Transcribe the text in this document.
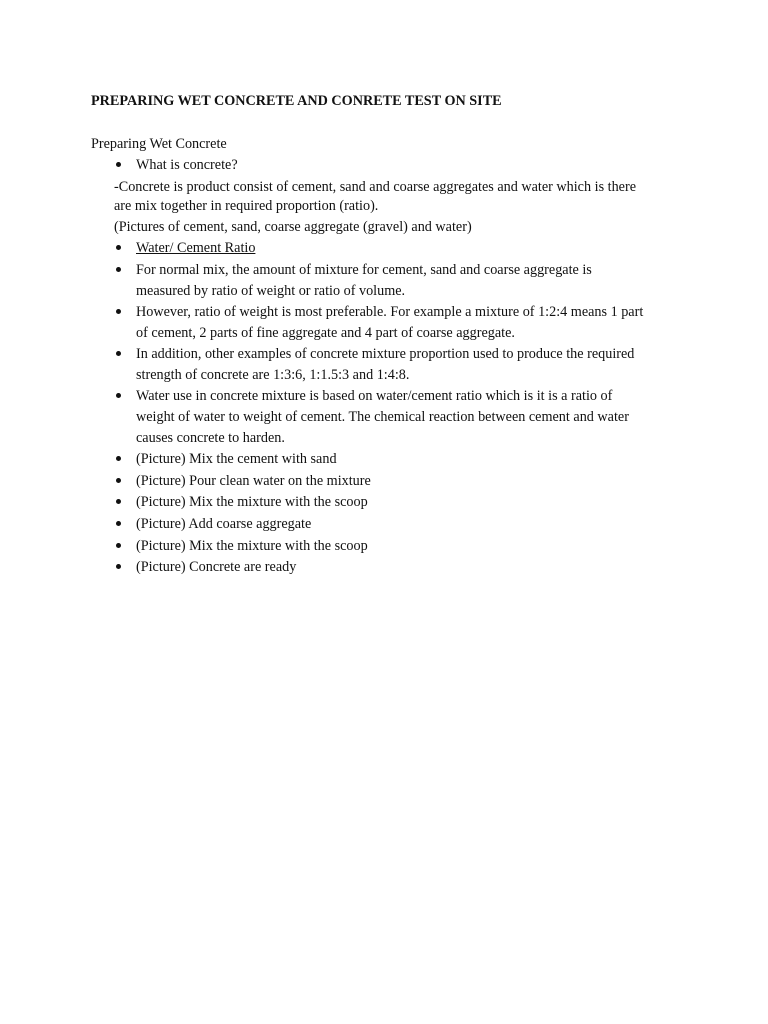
PREPARING WET CONCRETE AND CONRETE TEST ON SITE
Preparing Wet Concrete
What is concrete?
-Concrete is product consist of cement, sand and coarse aggregates and water which is there
are mix together in required proportion (ratio).
(Pictures of cement, sand, coarse aggregate (gravel) and water)
Water/ Cement Ratio
For normal mix, the amount of mixture for cement, sand and coarse aggregate is
measured by ratio of weight or ratio of volume.
However, ratio of weight is most preferable. For example a mixture of 1:2:4 means 1 part
of cement, 2 parts of fine aggregate and 4 part of coarse aggregate.
In addition, other examples of concrete mixture proportion used to produce the required
strength of concrete are 1:3:6, 1:1.5:3 and 1:4:8.
Water use in concrete mixture is based on water/cement ratio which is it is a ratio of
weight of water to weight of cement. The chemical reaction between cement and water
causes concrete to harden.
(Picture) Mix the cement with sand
(Picture) Pour clean water on the mixture
(Picture) Mix the mixture with the scoop
(Picture) Add coarse aggregate
(Picture) Mix the mixture with the scoop
(Picture) Concrete are ready
